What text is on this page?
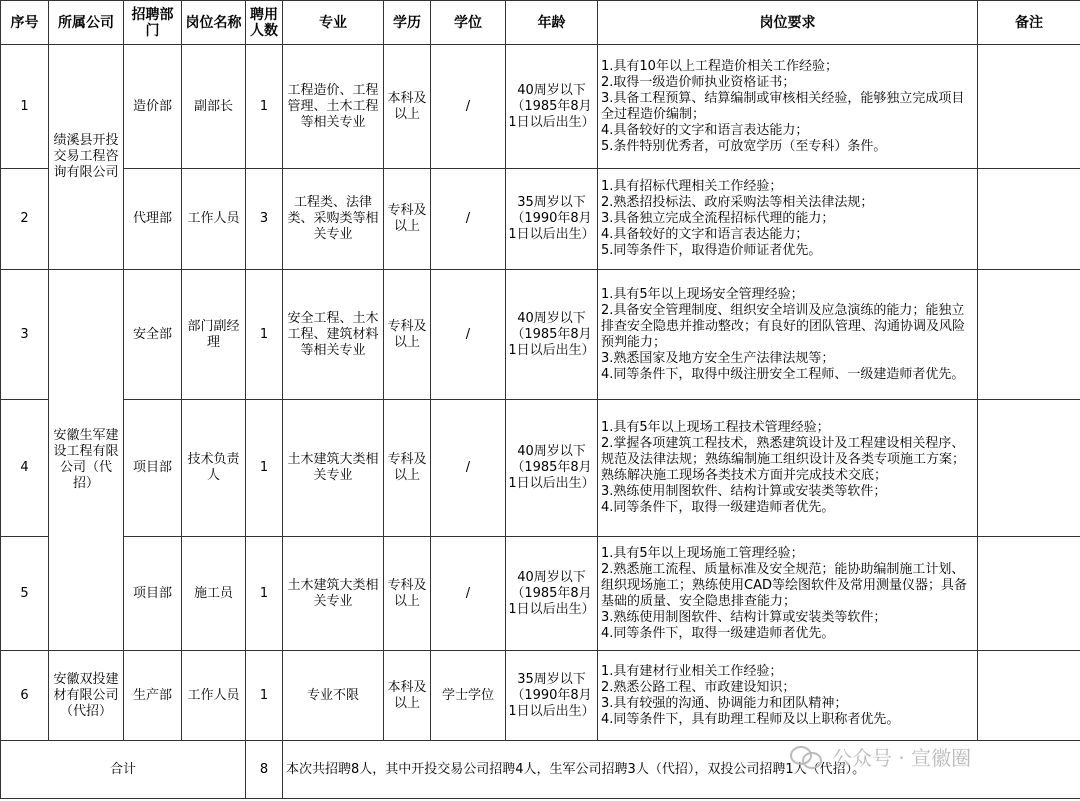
序号	所属公司	招聘部门	岗位名称	聘用人数	专业	学历	学位	年龄	岗位要求	备注
1	绩溪县开投交易工程咨询有限公司	造价部	副部长	1	工程造价、工程管理、土木工程等相关专业	本科及以上	/	40周岁以下（1985年8月1日以后出生）	1.具有10年以上工程造价相关工作经验；
2.取得一级造价师执业资格证书；
3.具备工程预算、结算编制或审核相关经验，能够独立完成项目全过程造价编制；
4.具备较好的文字和语言表达能力；
5.条件特别优秀者，可放宽学历（至专科）条件。	

2		代理部	工作人员	3	工程类、法律类、采购类等相关专业	专科及以上	/	35周岁以下（1990年8月1日以后出生）	1.具有招标代理相关工作经验；
2.熟悉招投标法、政府采购法等相关法律法规；
3.具备独立完成全流程招标代理的能力；
4.具备较好的文字和语言表达能力；
5.同等条件下，取得造价师证者优先。	

3	安徽生军建设工程有限公司（代招）	安全部	部门副经理	1	安全工程、土木工程、建筑材料等相关专业	专科及以上	/	40周岁以下（1985年8月1日以后出生）	1.具有5年以上现场安全管理经验；
2.具备安全管理制度、组织安全培训及应急演练的能力；能独立排查安全隐患并推动整改；有良好的团队管理、沟通协调及风险预判能力；
3.熟悉国家及地方安全生产法律法规等；
4.同等条件下，取得中级注册安全工程师、一级建造师者优先。	

4		项目部	技术负责人	1	土木建筑大类相关专业	专科及以上	/	40周岁以下（1985年8月1日以后出生）	1.具有5年以上现场工程技术管理经验；
2.掌握各项建筑工程技术，熟悉建筑设计及工程建设相关程序、规范及法律法规；熟练编制施工组织设计及各类专项施工方案；熟练解决施工现场各类技术方面并完成技术交底；
3.熟练使用制图软件、结构计算或安装类等软件；
4.同等条件下，取得一级建造师者优先。	

5		项目部	施工员	1	土木建筑大类相关专业	专科及以上	/	40周岁以下（1985年8月1日以后出生）	1.具有5年以上现场施工管理经验；
2.熟悉施工流程、质量标准及安全规范；能协助编制施工计划、组织现场施工；熟练使用CAD等绘图软件及常用测量仪器；具备基础的质量、安全隐患排查能力；
3.熟练使用制图软件、结构计算或安装类等软件；
4.同等条件下，取得一级建造师者优先。	

6	安徽双投建材有限公司（代招）	生产部	工作人员	1	专业不限	本科及以上	学士学位	35周岁以下（1990年8月1日以后出生）	1.具有建材行业相关工作经验；
2.熟悉公路工程、市政建设知识；
3.具有较强的沟通、协调能力和团队精神；
4.同等条件下，具有助理工程师及以上职称者优先。	

合计				8	本次共招聘8人，其中开投交易公司招聘4人，生军公司招聘3人（代招），双投公司招聘1人（代招）。					
公众号 · 宣徽圈
